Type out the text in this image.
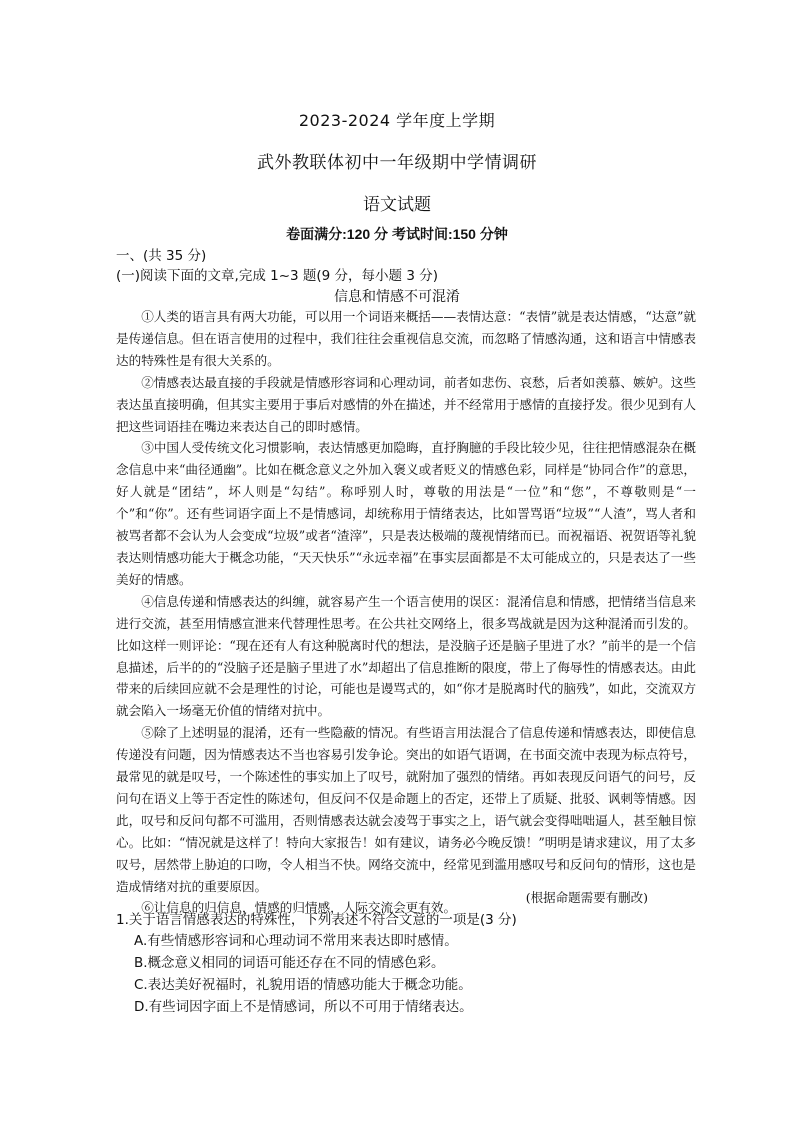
2023-2024 学年度上学期
武外教联体初中一年级期中学情调研
语文试题
卷面满分:120 分 考试时间:150 分钟
一、(共 35 分)
(一)阅读下面的文章,完成 1~3 题(9 分，每小题 3 分)
信息和情感不可混淆

①人类的语言具有两大功能，可以用一个词语来概括——表情达意：“表情”就是表达情感，“达意”就是传递信息。但在语言使用的过程中，我们往往会重视信息交流，而忽略了情感沟通，这和语言中情感表达的特殊性是有很大关系的。

②情感表达最直接的手段就是情感形容词和心理动词，前者如悲伤、哀愁，后者如羡慕、嫉妒。这些表达虽直接明确，但其实主要用于事后对感情的外在描述，并不经常用于感情的直接抒发。很少见到有人把这些词语挂在嘴边来表达自己的即时感情。

③中国人受传统文化习惯影响，表达情感更加隐晦，直抒胸臆的手段比较少见，往往把情感混杂在概念信息中来“曲径通幽”。比如在概念意义之外加入褒义或者贬义的情感色彩，同样是“协同合作”的意思，好人就是“团结”，坏人则是“勾结”。称呼别人时，尊敬的用法是“一位”和“您”，不尊敬则是“一个”和“你”。还有些词语字面上不是情感词，却统称用于情绪表达，比如詈骂语“垃圾”“人渣”，骂人者和被骂者都不会认为人会变成“垃圾”或者“渣滓”，只是表达极端的蔑视情绪而已。而祝福语、祝贺语等礼貌表达则情感功能大于概念功能，“天天快乐”“永远幸福”在事实层面都是不太可能成立的，只是表达了一些美好的情感。

④信息传递和情感表达的纠缠，就容易产生一个语言使用的误区：混淆信息和情感，把情绪当信息来进行交流，甚至用情感宣泄来代替理性思考。在公共社交网络上，很多骂战就是因为这种混淆而引发的。比如这样一则评论：“现在还有人有这种脱离时代的想法，是没脑子还是脑子里进了水？”前半的是一个信息描述，后半的的“没脑子还是脑子里进了水”却超出了信息推断的限度，带上了侮辱性的情感表达。由此带来的后续回应就不会是理性的讨论，可能也是谩骂式的，如“你才是脱离时代的脑残”，如此，交流双方就会陷入一场毫无价值的情绪对抗中。

⑤除了上述明显的混淆，还有一些隐蔽的情况。有些语言用法混合了信息传递和情感表达，即使信息传递没有问题，因为情感表达不当也容易引发争论。突出的如语气语调，在书面交流中表现为标点符号，最常见的就是叹号，一个陈述性的事实加上了叹号，就附加了强烈的情绪。再如表现反问语气的问号，反问句在语义上等于否定性的陈述句，但反问不仅是命题上的否定，还带上了质疑、批驳、讽刺等情感。因此，叹号和反问句都不可滥用，否则情感表达就会凌驾于事实之上，语气就会变得咄咄逼人，甚至触目惊心。比如：“情况就是这样了！特向大家报告！如有建议，请务必今晚反馈！”明明是请求建议，用了太多叹号，居然带上胁迫的口吻，令人相当不快。网络交流中，经常见到滥用感叹号和反问句的情形，这也是造成情绪对抗的重要原因。

⑥让信息的归信息，情感的归情感，人际交流会更有效。

(根据命题需要有删改)
1.关于语言情感表达的特殊性，下列表述不符合文意的一项是(3 分)
A.有些情感形容词和心理动词不常用来表达即时感情。
B.概念意义相同的词语可能还存在不同的情感色彩。
C.表达美好祝福时，礼貌用语的情感功能大于概念功能。
D.有些词因字面上不是情感词，所以不可用于情绪表达。
